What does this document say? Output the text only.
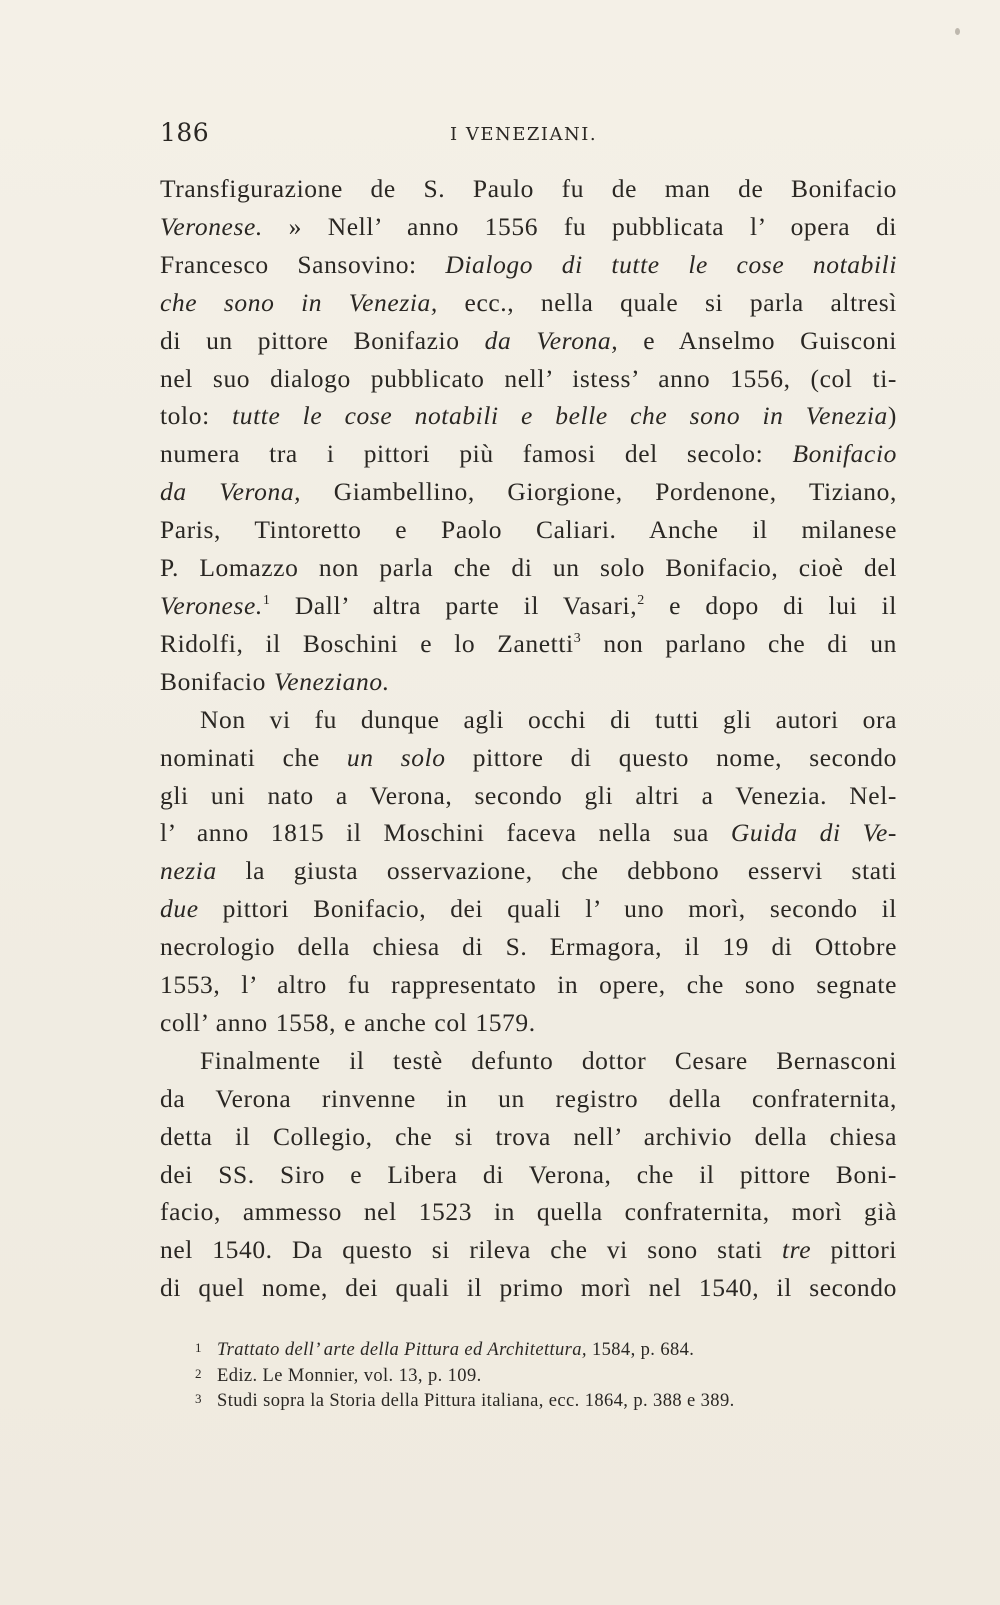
186	I VENEZIANI.
Transfigurazione de S. Paulo fu de man de Bonifacio
Veronese. » Nell’ anno 1556 fu pubblicata l’ opera di
Francesco Sansovino: Dialogo di tutte le cose notabili
che sono in Venezia, ecc., nella quale si parla altresì
di un pittore Bonifazio da Verona, e Anselmo Guisconi
nel suo dialogo pubblicato nell’ istess’ anno 1556, (col ti-
tolo: tutte le cose notabili e belle che sono in Venezia)
numera tra i pittori più famosi del secolo: Bonifacio
da Verona, Giambellino, Giorgione, Pordenone, Tiziano,
Paris, Tintoretto e Paolo Caliari. Anche il milanese
P. Lomazzo non parla che di un solo Bonifacio, cioè del
Veronese.$^1$ Dall’ altra parte il Vasari,$^2$ e dopo di lui il
Ridolfi, il Boschini e lo Zanetti$^3$ non parlano che di un
Bonifacio Veneziano.
Non vi fu dunque agli occhi di tutti gli autori ora
nominati che un solo pittore di questo nome, secondo
gli uni nato a Verona, secondo gli altri a Venezia. Nel-
l’ anno 1815 il Moschini faceva nella sua Guida di Ve-
nezia la giusta osservazione, che debbono esservi stati
due pittori Bonifacio, dei quali l’ uno morì, secondo il
necrologio della chiesa di S. Ermagora, il 19 di Ottobre
1553, l’ altro fu rappresentato in opere, che sono segnate
coll’ anno 1558, e anche col 1579.
Finalmente il testè defunto dottor Cesare Bernasconi
da Verona rinvenne in un registro della confraternita,
detta il Collegio, che si trova nell’ archivio della chiesa
dei SS. Siro e Libera di Verona, che il pittore Boni-
facio, ammesso nel 1523 in quella confraternita, morì già
nel 1540. Da questo si rileva che vi sono stati tre pittori
di quel nome, dei quali il primo morì nel 1540, il secondo
1 Trattato dell’ arte della Pittura ed Architettura, 1584, p. 684.
2 Ediz. Le Monnier, vol. 13, p. 109.
3 Studi sopra la Storia della Pittura italiana, ecc. 1864, p. 388 e 389.
